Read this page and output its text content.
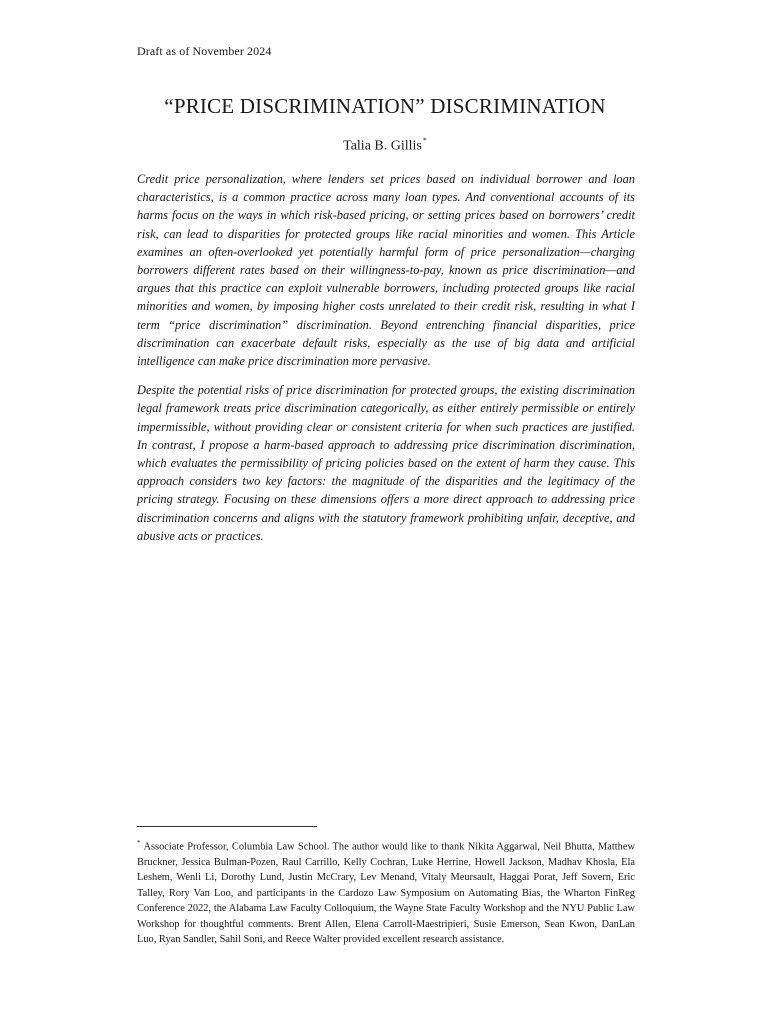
Draft as of November 2024
“PRICE DISCRIMINATION” DISCRIMINATION
Talia B. Gillis*

Credit price personalization, where lenders set prices based on individual borrower and loan characteristics, is a common practice across many loan types. And conventional accounts of its harms focus on the ways in which risk-based pricing, or setting prices based on borrowers’ credit risk, can lead to disparities for protected groups like racial minorities and women. This Article examines an often-overlooked yet potentially harmful form of price personalization—charging borrowers different rates based on their willingness-to-pay, known as price discrimination—and argues that this practice can exploit vulnerable borrowers, including protected groups like racial minorities and women, by imposing higher costs unrelated to their credit risk, resulting in what I term “price discrimination” discrimination. Beyond entrenching financial disparities, price discrimination can exacerbate default risks, especially as the use of big data and artificial intelligence can make price discrimination more pervasive.

Despite the potential risks of price discrimination for protected groups, the existing discrimination legal framework treats price discrimination categorically, as either entirely permissible or entirely impermissible, without providing clear or consistent criteria for when such practices are justified. In contrast, I propose a harm-based approach to addressing price discrimination discrimination, which evaluates the permissibility of pricing policies based on the extent of harm they cause. This approach considers two key factors: the magnitude of the disparities and the legitimacy of the pricing strategy. Focusing on these dimensions offers a more direct approach to addressing price discrimination concerns and aligns with the statutory framework prohibiting unfair, deceptive, and abusive acts or practices.

* Associate Professor, Columbia Law School. The author would like to thank Nikita Aggarwal, Neil Bhutta, Matthew Bruckner, Jessica Bulman-Pozen, Raul Carrillo, Kelly Cochran, Luke Herrine, Howell Jackson, Madhav Khosla, Ela Leshem, Wenli Li, Dorothy Lund, Justin McCrary, Lev Menand, Vitaly Meursault, Haggai Porat, Jeff Sovern, Eric Talley, Rory Van Loo, and participants in the Cardozo Law Symposium on Automating Bias, the Wharton FinReg Conference 2022, the Alabama Law Faculty Colloquium, the Wayne State Faculty Workshop and the NYU Public Law Workshop for thoughtful comments. Brent Allen, Elena Carroll-Maestripieri, Susie Emerson, Sean Kwon, DanLan Luo, Ryan Sandler, Sahil Soni, and Reece Walter provided excellent research assistance.
